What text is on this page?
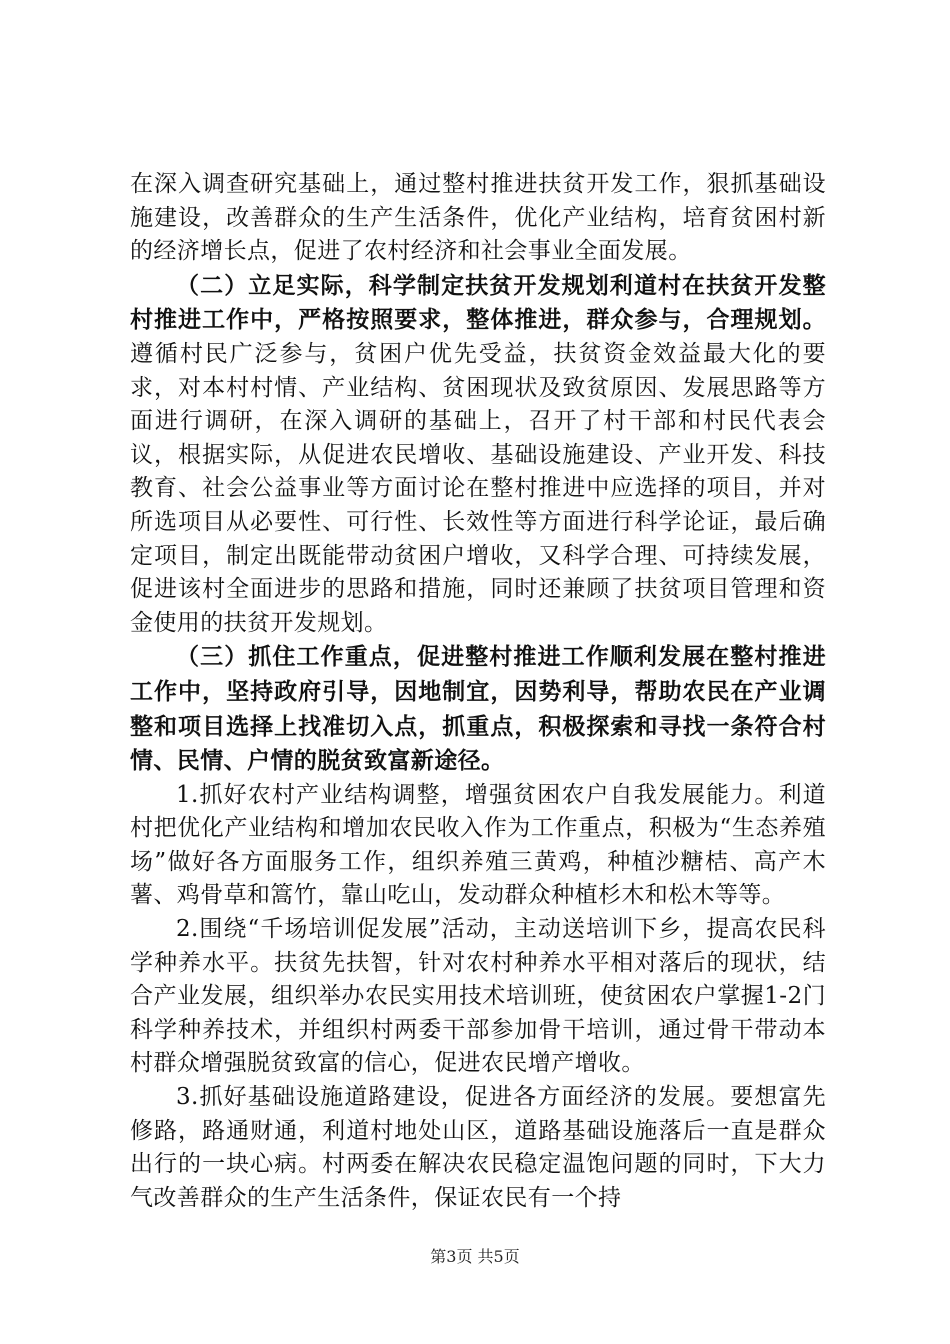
在深入调查研究基础上，通过整村推进扶贫开发工作，狠抓基础设施建设，改善群众的生产生活条件，优化产业结构，培育贫困村新的经济增长点，促进了农村经济和社会事业全面发展。

（二）立足实际，科学制定扶贫开发规划利道村在扶贫开发整村推进工作中，严格按照要求，整体推进，群众参与，合理规划。遵循村民广泛参与，贫困户优先受益，扶贫资金效益最大化的要求，对本村村情、产业结构、贫困现状及致贫原因、发展思路等方面进行调研，在深入调研的基础上，召开了村干部和村民代表会议，根据实际，从促进农民增收、基础设施建设、产业开发、科技教育、社会公益事业等方面讨论在整村推进中应选择的项目，并对所选项目从必要性、可行性、长效性等方面进行科学论证，最后确定项目，制定出既能带动贫困户增收，又科学合理、可持续发展，促进该村全面进步的思路和措施，同时还兼顾了扶贫项目管理和资金使用的扶贫开发规划。

（三）抓住工作重点，促进整村推进工作顺利发展在整村推进工作中，坚持政府引导，因地制宜，因势利导，帮助农民在产业调整和项目选择上找准切入点，抓重点，积极探索和寻找一条符合村情、民情、户情的脱贫致富新途径。

1.抓好农村产业结构调整，增强贫困农户自我发展能力。利道村把优化产业结构和增加农民收入作为工作重点，积极为“生态养殖场”做好各方面服务工作，组织养殖三黄鸡，种植沙糖桔、高产木薯、鸡骨草和篙竹，靠山吃山，发动群众种植杉木和松木等等。

2.围绕“千场培训促发展”活动，主动送培训下乡，提高农民科学种养水平。扶贫先扶智，针对农村种养水平相对落后的现状，结合产业发展，组织举办农民实用技术培训班，使贫困农户掌握1-2门科学种养技术，并组织村两委干部参加骨干培训，通过骨干带动本村群众增强脱贫致富的信心，促进农民增产增收。

3.抓好基础设施道路建设，促进各方面经济的发展。要想富先修路，路通财通，利道村地处山区，道路基础设施落后一直是群众出行的一块心病。村两委在解决农民稳定温饱问题的同时，下大力气改善群众的生产生活条件，保证农民有一个持

第3页 共5页
